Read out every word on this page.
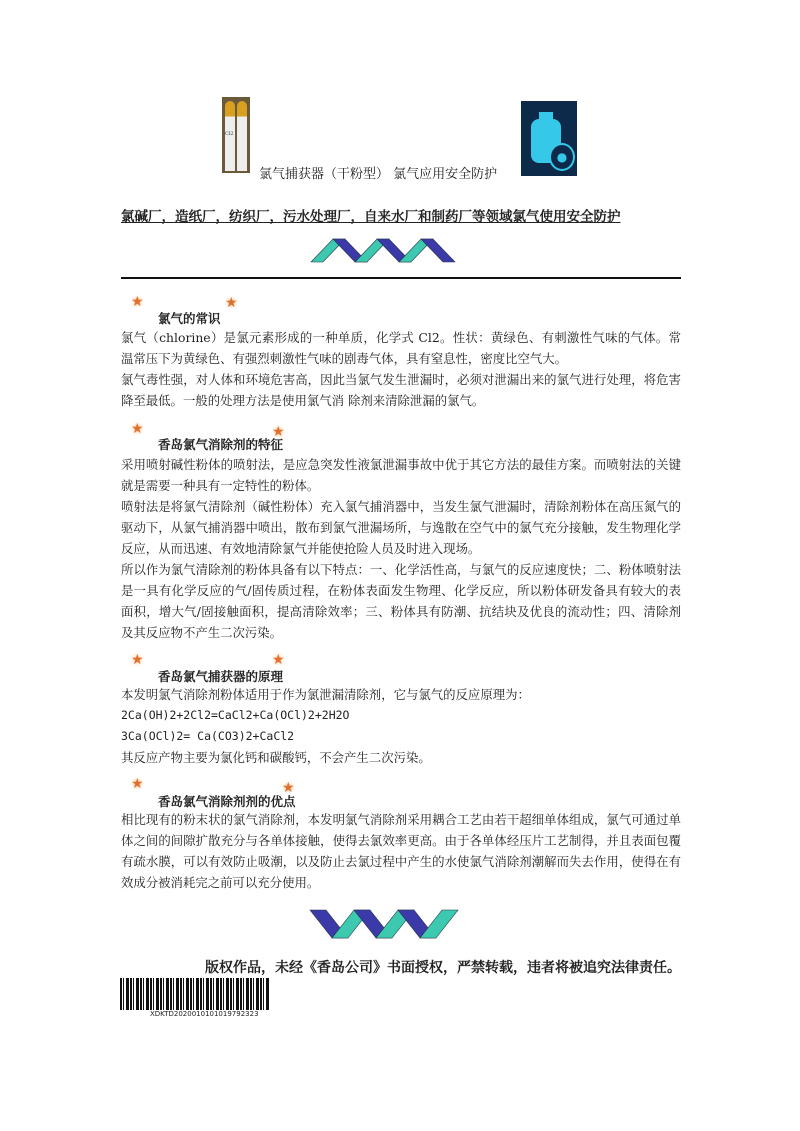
Cl2
氯气捕获器（干粉型） 氯气应用安全防护
●
氯碱厂，造纸厂，纺织厂，污水处理厂，自来水厂和制药厂等领域氯气使用安全防护
★	★
氯气的常识
氯气（chlorine）是氯元素形成的一种单质，化学式 Cl2。性状：黄绿色、有刺激性气味的气体。常温常压下为黄绿色、有强烈刺激性气味的剧毒气体，具有窒息性，密度比空气大。
氯气毒性强，对人体和环境危害高，因此当氯气发生泄漏时，必须对泄漏出来的氯气进行处理，将危害降至最低。一般的处理方法是使用氯气消 除剂来清除泄漏的氯气。
★	★
香岛氯气消除剂的特征
采用喷射碱性粉体的喷射法，是应急突发性液氯泄漏事故中优于其它方法的最佳方案。而喷射法的关键就是需要一种具有一定特性的粉体。
喷射法是将氯气清除剂（碱性粉体）充入氯气捕消器中，当发生氯气泄漏时，清除剂粉体在高压氮气的驱动下，从氯气捕消器中喷出，散布到氯气泄漏场所，与逸散在空气中的氯气充分接触，发生物理化学反应，从而迅速、有效地清除氯气并能使抢险人员及时进入现场。
所以作为氯气清除剂的粉体具备有以下特点：一、化学活性高，与氯气的反应速度快；二、粉体喷射法是一具有化学反应的气/固传质过程，在粉体表面发生物理、化学反应，所以粉体研发备具有较大的表面积，增大气/固接触面积，提高清除效率；三、粉体具有防潮、抗结块及优良的流动性；四、清除剂及其反应物不产生二次污染。
★	★
香岛氯气捕获器的原理
本发明氯气消除剂粉体适用于作为氯泄漏清除剂，它与氯气的反应原理为：
2Ca(OH)2+2Cl2=CaCl2+Ca(OCl)2+2H2O
3Ca(OCl)2= Ca(CO3)2+CaCl2
其反应产物主要为氯化钙和碳酸钙，不会产生二次污染。
★	★
香岛氯气消除剂剂的优点
相比现有的粉末状的氯气消除剂，本发明氯气消除剂采用耦合工艺由若干超细单体组成，氯气可通过单体之间的间隙扩散充分与各单体接触，使得去氯效率更高。由于各单体经压片工艺制得，并且表面包覆有疏水膜，可以有效防止吸潮，以及防止去氯过程中产生的水使氯气消除剂潮解而失去作用，使得在有效成分被消耗完之前可以充分使用。
版权作品，未经《香岛公司》书面授权，严禁转载，违者将被追究法律责任。
XDKTD2020010101019792323
